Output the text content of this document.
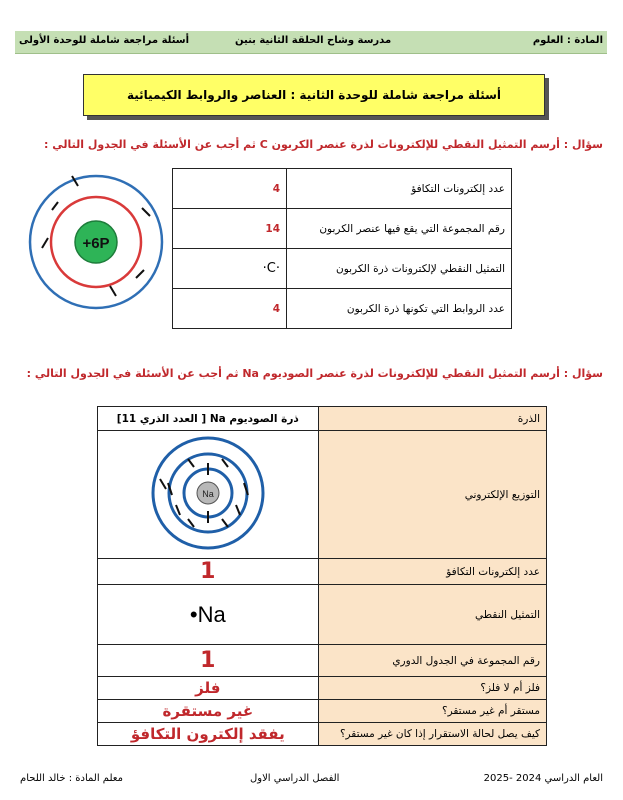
المادة : العلوم
مدرسة وشاح الحلقة الثانية بنين
أسئلة مراجعة شاملة للوحدة الأولى
أسئلة مراجعة شاملة للوحدة الثانية : العناصر والروابط الكيميائية
سؤال : أرسم التمثيل النقطي للإلكترونات لذرة عنصر الكربون C ثم أجب عن الأسئلة في الجدول التالي :
+6P
عدد إلكترونات التكافؤ	4
رقم المجموعة التي يقع فيها عنصر الكربون	14
التمثيل النقطي لإلكترونات ذرة الكربون	·C·
عدد الروابط التي تكونها ذرة الكربون	4
سؤال : أرسم التمثيل النقطي للإلكترونات لذرة عنصر الصوديوم Na ثم أجب عن الأسئلة في الجدول التالي :
الذرة	ذرة الصوديوم Na [ العدد الذري 11]
التوزيع الإلكتروني	Na

عدد إلكترونات التكافؤ	1
التمثيل النقطي	Na•
رقم المجموعة في الجدول الدوري	1
فلز أم لا فلز؟	فلز
مستقر أم غير مستقر؟	غير مستقرة
كيف يصل لحالة الاستقرار إذا كان غير مستقر؟	يفقد إلكترون التكافؤ
العام الدراسي 2024 -2025
الفصل الدراسي الاول
معلم المادة : خالد اللحام
